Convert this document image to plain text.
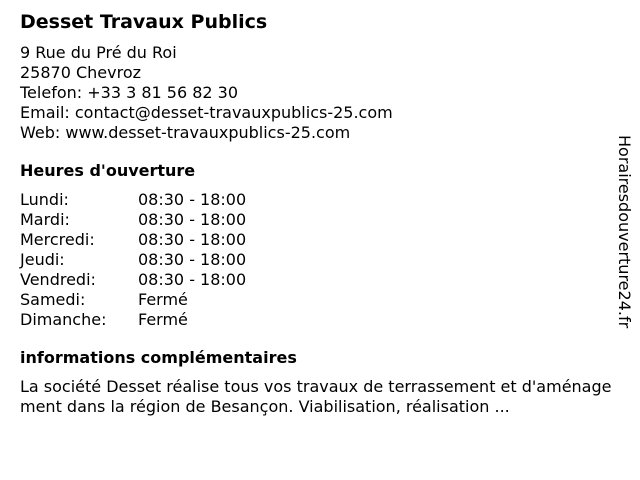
Desset Travaux Publics
9 Rue du Pré du Roi
25870 Chevroz
Telefon: +33 3 81 56 82 30
Email: contact@desset-travauxpublics-25.com
Web: www.desset-travauxpublics-25.com
Heures d'ouverture
Lundi:	08:30 - 18:00
Mardi:	08:30 - 18:00
Mercredi:	08:30 - 18:00
Jeudi:	08:30 - 18:00
Vendredi:	08:30 - 18:00
Samedi:	Fermé
Dimanche:	Fermé
informations complémentaires
La société Desset réalise tous vos travaux de terrassement et d'aménagement dans la région de Besançon. Viabilisation, réalisation ...
Horairesdouverture24.fr
